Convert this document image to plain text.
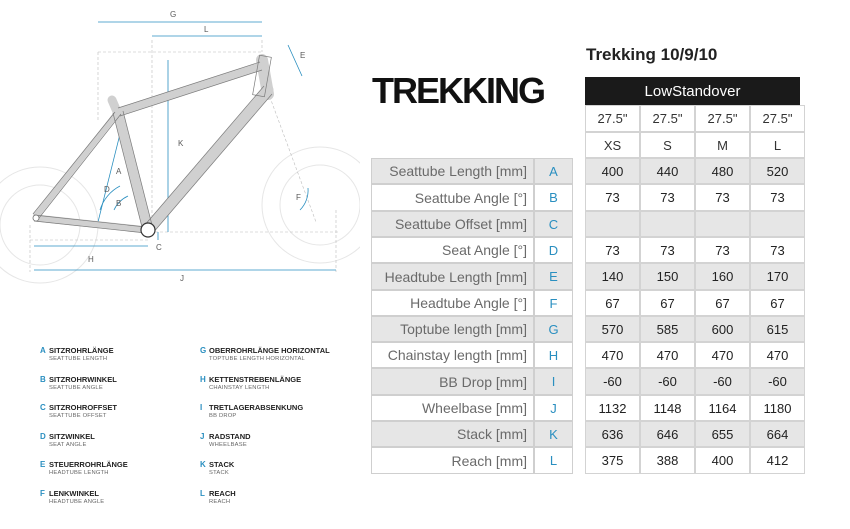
G
L
E
K
A
D
B
C
F
H
J
TREKKING
Trekking 10/9/10
LowStandover
27.5"	27.5"	27.5"	27.5"
XS	S	M	L
Seattube Length [mm]	A	400	440	480	520
Seattube Angle [°]	B	73	73	73	73
Seattube Offset [mm]	C
Seat Angle [°]	D	73	73	73	73
Headtube Length [mm]	E	140	150	160	170
Headtube Angle [°]	F	67	67	67	67
Toptube length [mm]	G	570	585	600	615
Chainstay length [mm]	H	470	470	470	470
BB Drop [mm]	I	-60	-60	-60	-60
Wheelbase [mm]	J	1132	1148	1164	1180
Stack [mm]	K	636	646	655	664
Reach [mm]	L	375	388	400	412
A SITZROHRLÄNGE
SEATTUBE LENGTH
B SITZROHRWINKEL
SEATTUBE ANGLE
C SITZROHROFFSET
SEATTUBE OFFSET
D SITZWINKEL
SEAT ANGLE
E STEUERROHRLÄNGE
HEADTUBE LENGTH
F LENKWINKEL
HEADTUBE ANGLE
G OBERROHRLÄNGE HORIZONTAL
TOPTUBE LENGTH HORIZONTAL
H KETTENSTREBENLÄNGE
CHAINSTAY LENGTH
I TRETLAGERABSENKUNG
BB DROP
J RADSTAND
WHEELBASE
K STACK
STACK
L REACH
REACH
